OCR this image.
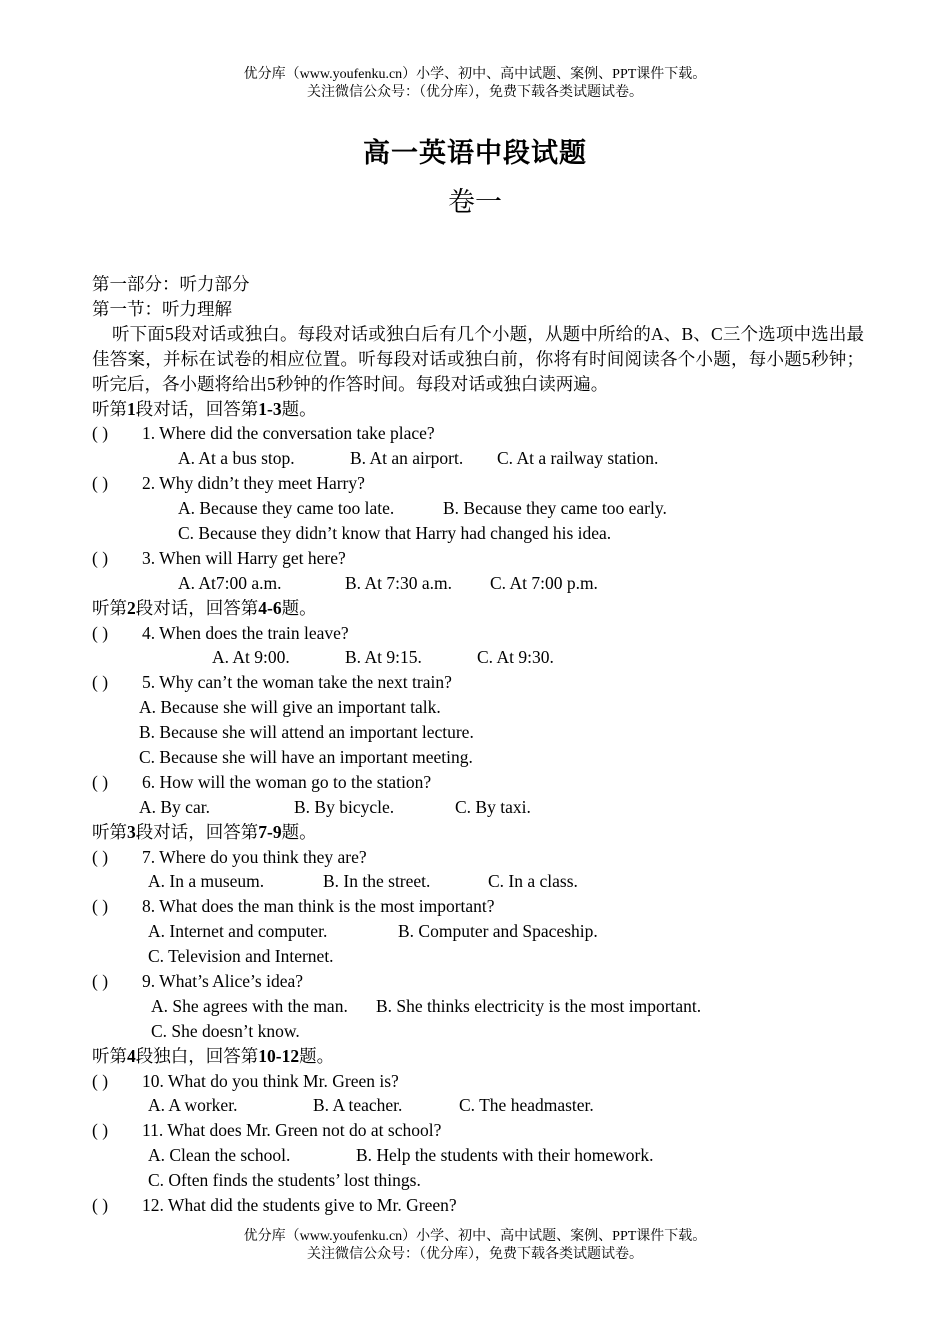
优分库（www.youfenku.cn）小学、初中、高中试题、案例、PPT课件下载。
关注微信公众号：（优分库），免费下载各类试题试卷。
高一英语中段试题
卷一
第一部分：听力部分
第一节：听力理解
听下面5段对话或独白。每段对话或独白后有几个小题，从题中所给的A、B、C三个选项中选出最佳答案，并标在试卷的相应位置。听每段对话或独白前，你将有时间阅读各个小题，每小题5秒钟；听完后，各小题将给出5秒钟的作答时间。每段对话或独白读两遍。
听第1段对话，回答第1-3题。
( ) 1. Where did the conversation take place?
A. At a bus stop.	B. At an airport. C. At a railway station.
( ) 2. Why didn’t they meet Harry?
A. Because they came too late.	B. Because they came too early.
C. Because they didn’t know that Harry had changed his idea.
( ) 3. When will Harry get here?
A. At7:00 a.m.	B. At 7:30 a.m. C. At 7:00 p.m.
听第2段对话，回答第4-6题。
( ) 4. When does the train leave?
A. At 9:00.	B. At 9:15.	C. At 9:30.
( ) 5. Why can’t the woman take the next train?
A. Because she will give an important talk.
B. Because she will attend an important lecture.
C. Because she will have an important meeting.
( ) 6. How will the woman go to the station?
A. By car.	B. By bicycle.	C. By taxi.
听第3段对话，回答第7-9题。
( ) 7. Where do you think they are?
A. In a museum.	B. In the street.	C. In a class.
( ) 8. What does the man think is the most important?
A. Internet and computer.	B. Computer and Spaceship.
C. Television and Internet.
( ) 9. What’s Alice’s idea?
A. She agrees with the man. B. She thinks electricity is the most important.
C. She doesn’t know.
听第4段独白，回答第10-12题。
( ) 10. What do you think Mr. Green is?
A. A worker.	B. A teacher.	C. The headmaster.
( ) 11. What does Mr. Green not do at school?
A. Clean the school.	B. Help the students with their homework.
C. Often finds the students’ lost things.
( ) 12. What did the students give to Mr. Green?
优分库（www.youfenku.cn）小学、初中、高中试题、案例、PPT课件下载。
关注微信公众号：（优分库），免费下载各类试题试卷。
